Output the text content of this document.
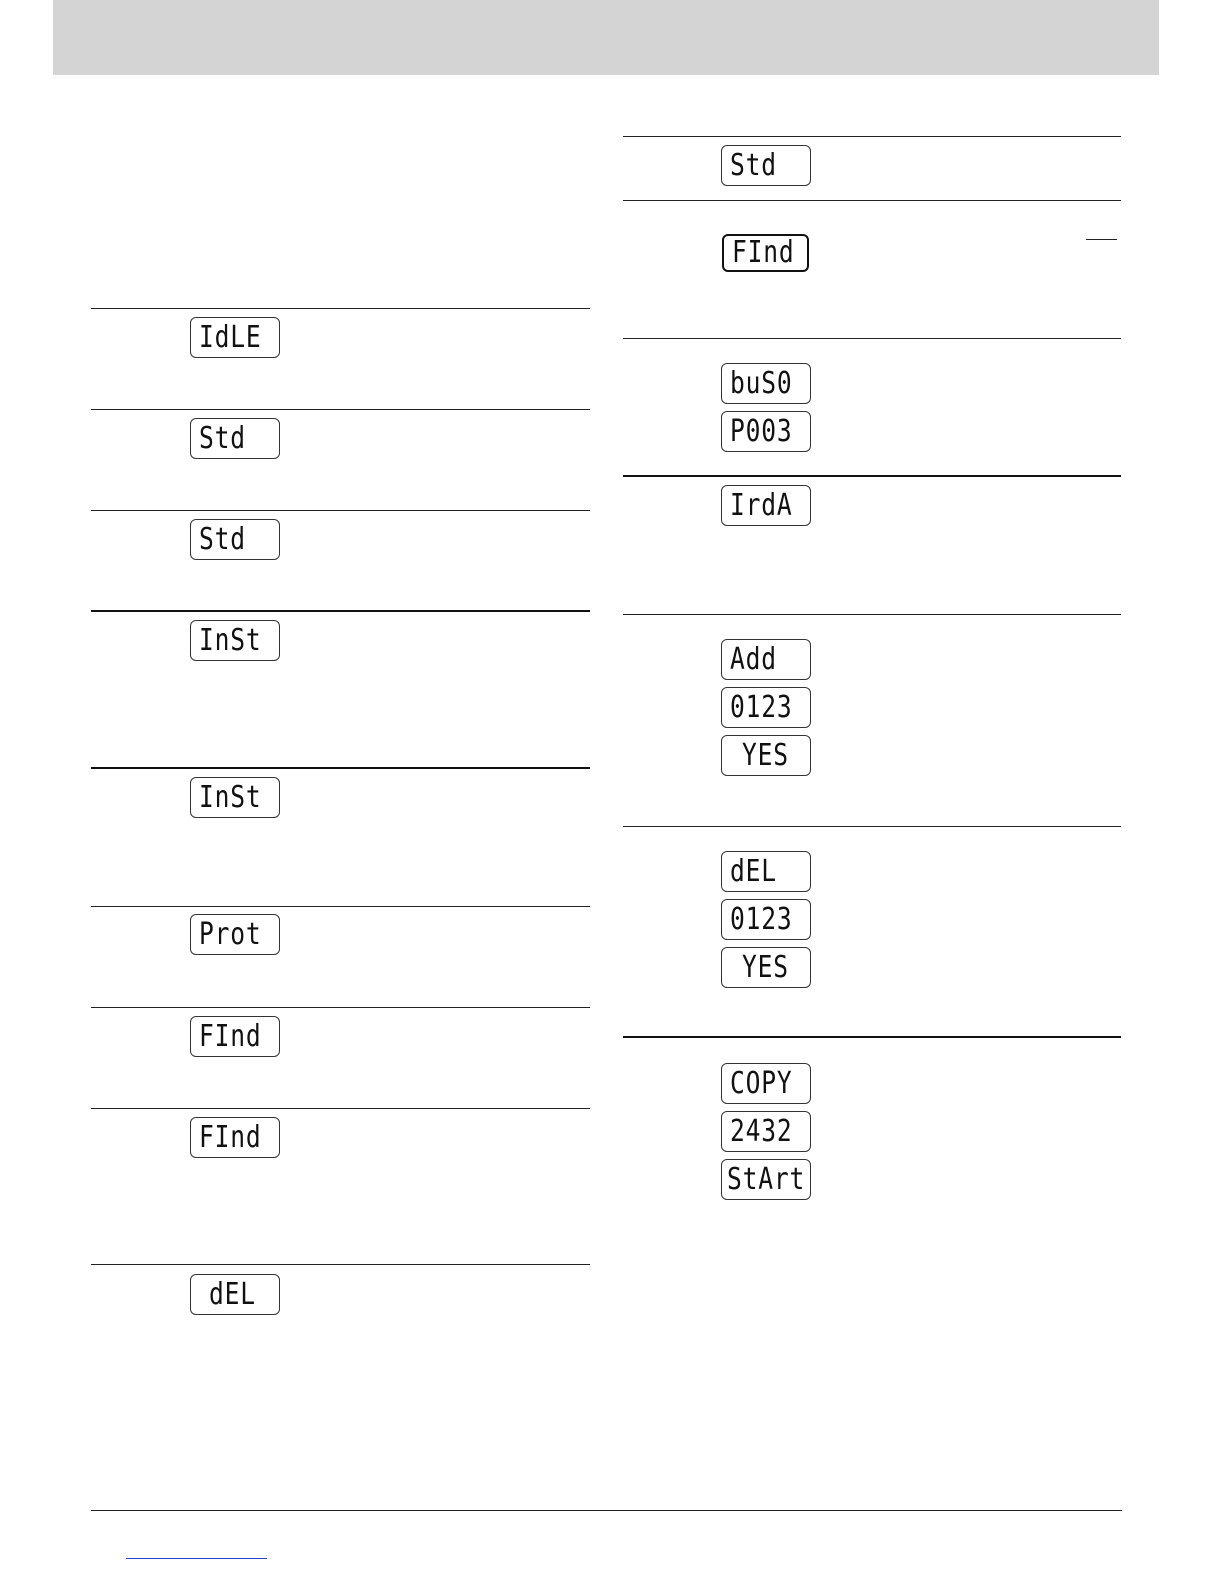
IdLE
Std
Std
InSt
InSt
Prot
FInd
FInd
dEL
Std
FInd
buS0
P003
IrdA
Add
0123
YES
dEL
0123
YES
COPY
2432
StArt
